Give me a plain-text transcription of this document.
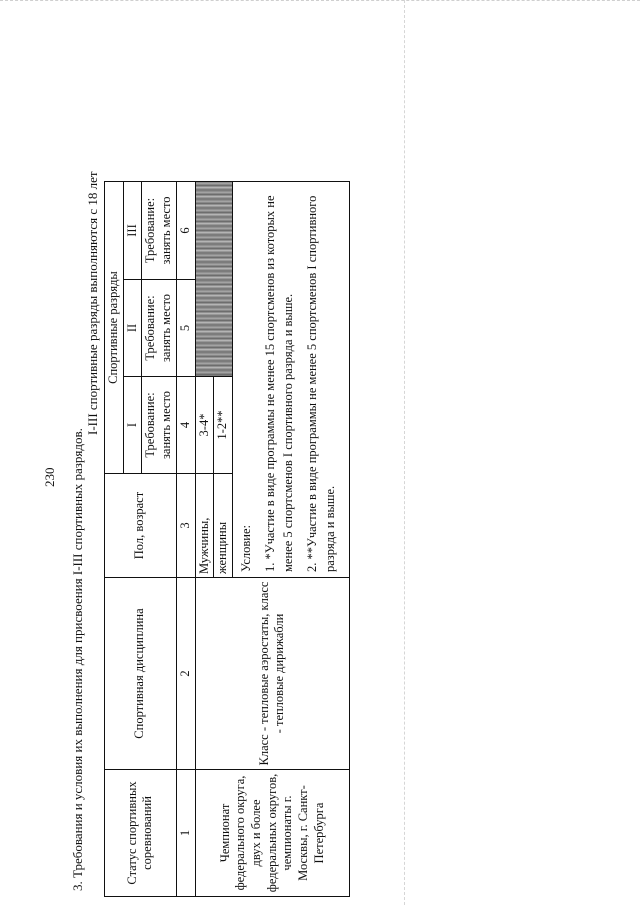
230 3. Требования и условия их выполнения для присвоения I-III спортивных разрядов.
I-III спортивные разряды выполняются с 18 лет
Статус спортивных соревнований	Спортивная дисциплина	Пол, возраст	Спортивные разряды			
			I	II	III	
			Требование: занять место	Требование: занять место	Требование: занять место	
1	2	3	4	5	6	
Чемпионат федерального округа, двух и более федеральных округов, чемпионаты г. Москвы, г. Санкт-Петербурга	Класс - тепловые аэростаты, класс - тепловые дирижабли	Мужчины,	3-4*			
		женщины	1-2**			

		Условие: 1. *Участие в виде программы не менее 15 спортсменов из которых не менее 5 спортсменов I спортивного разряда и выше. 2. **Участие в виде программы не менее 5 спортсменов I спортивного разряда и выше.				
